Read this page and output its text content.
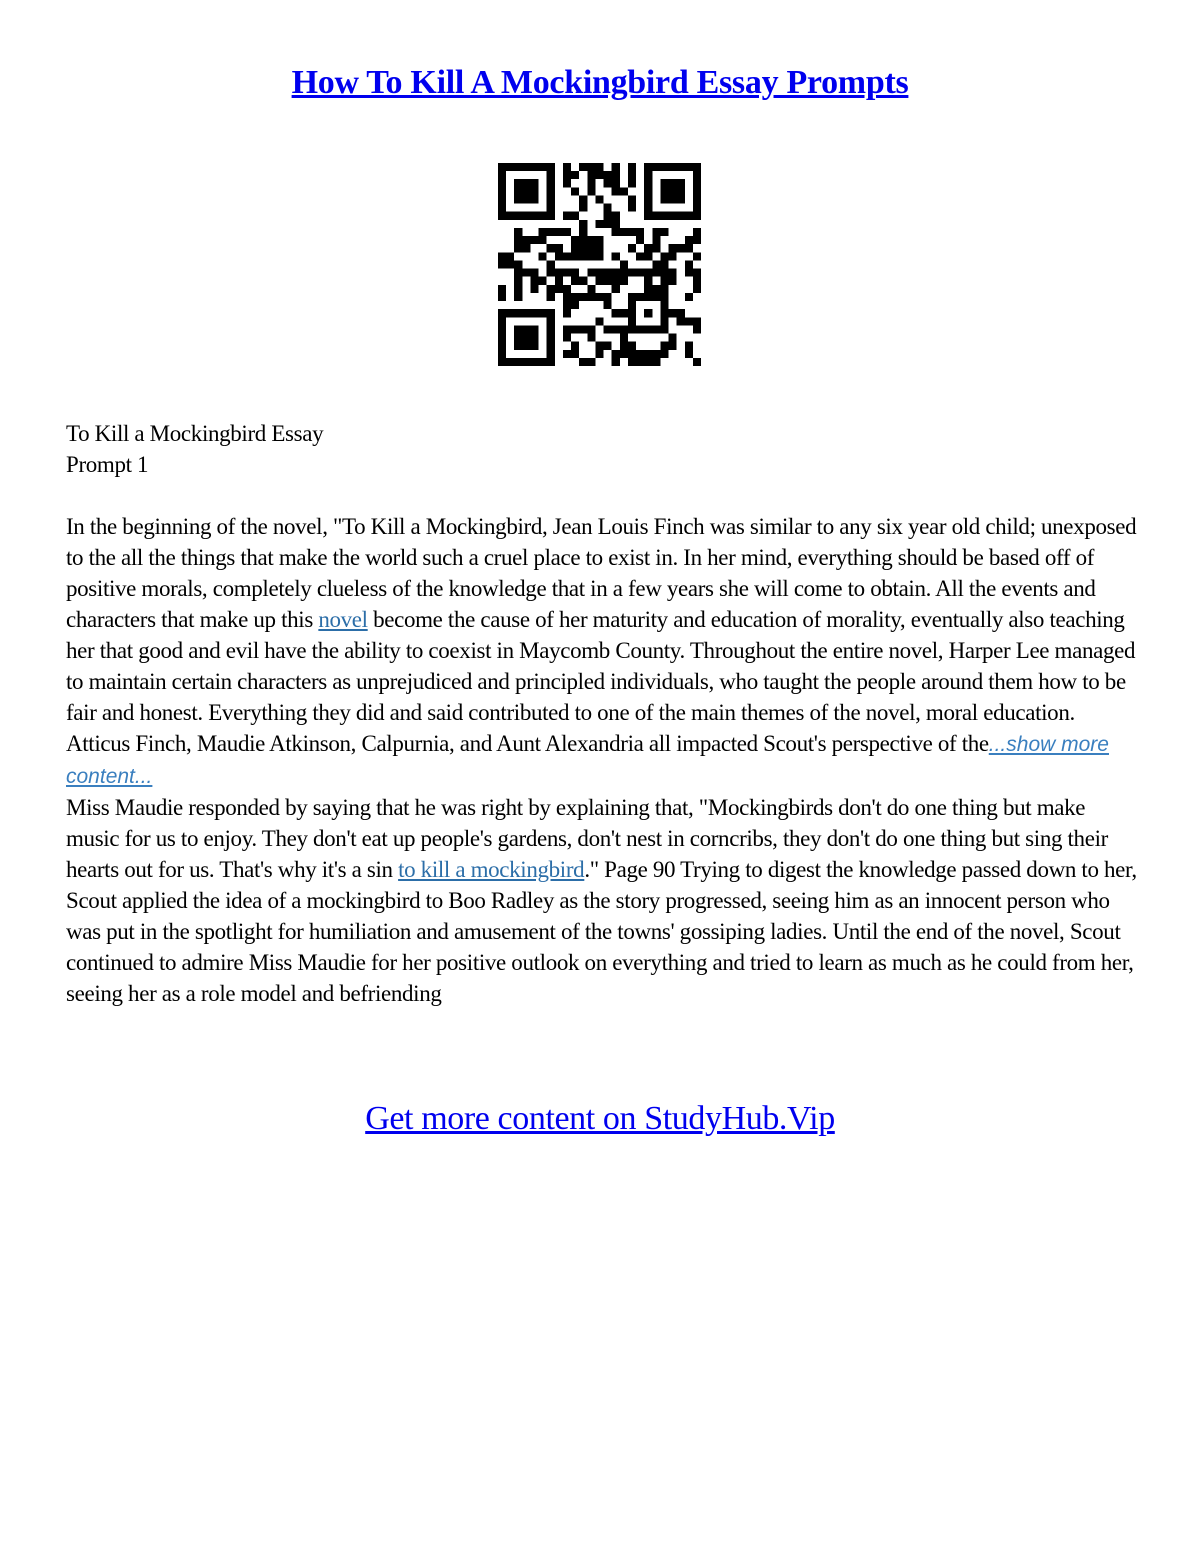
How To Kill A Mockingbird Essay Prompts

To Kill a Mockingbird Essay

Prompt 1

In the beginning of the novel, "To Kill a Mockingbird, Jean Louis Finch was similar to any six year old child; unexposed to the all the things that make the world such a cruel place to exist in. In her mind, everything should be based off of positive morals, completely clueless of the knowledge that in a few years she will come to obtain. All the events and characters that make up this novel become the cause of her maturity and education of morality, eventually also teaching her that good and evil have the ability to coexist in Maycomb County. Throughout the entire novel, Harper Lee managed to maintain certain characters as unprejudiced and principled individuals, who taught the people around them how to be fair and honest. Everything they did and said contributed to one of the main themes of the novel, moral education. Atticus Finch, Maudie Atkinson, Calpurnia, and Aunt Alexandria all impacted Scout's perspective of the...show more content...

Miss Maudie responded by saying that he was right by explaining that, "Mockingbirds don't do one thing but make music for us to enjoy. They don't eat up people's gardens, don't nest in corncribs, they don't do one thing but sing their hearts out for us. That's why it's a sin to kill a mockingbird." Page 90 Trying to digest the knowledge passed down to her, Scout applied the idea of a mockingbird to Boo Radley as the story progressed, seeing him as an innocent person who was put in the spotlight for humiliation and amusement of the towns' gossiping ladies. Until the end of the novel, Scout continued to admire Miss Maudie for her positive outlook on everything and tried to learn as much as he could from her, seeing her as a role model and befriending

Get more content on StudyHub.Vip
